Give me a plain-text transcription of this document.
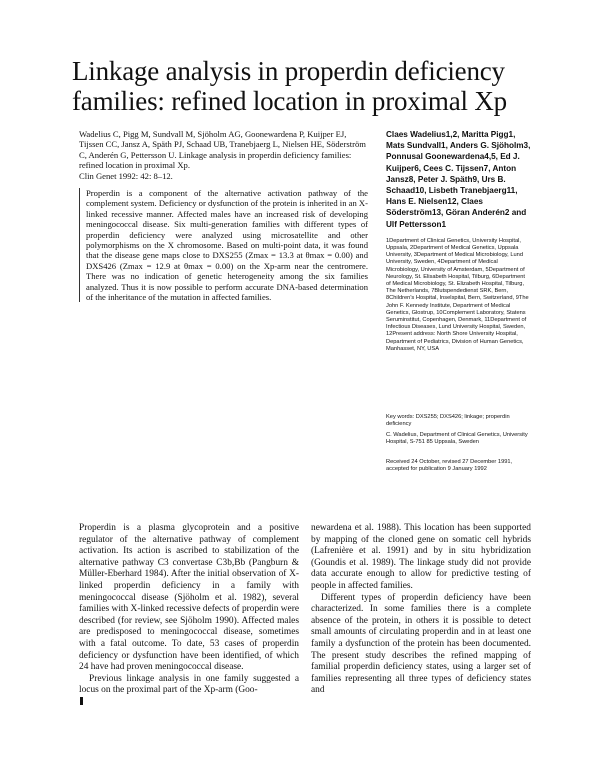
Linkage analysis in properdin deficiency families: refined location in proximal Xp

Wadelius C, Pigg M, Sundvall M, Sjöholm AG, Goonewardena P, Kuijper EJ, Tijssen CC, Jansz A, Späth PJ, Schaad UB, Tranebjaerg L, Nielsen HE, Söderström C, Anderén G, Pettersson U. Linkage analysis in properdin deficiency families: refined location in proximal Xp.

Clin Genet 1992: 42: 8–12.

Properdin is a component of the alternative activation pathway of the complement system. Deficiency or dysfunction of the protein is inherited in an X-linked recessive manner. Affected males have an increased risk of developing meningococcal disease. Six multi-generation families with different types of properdin deficiency were analyzed using microsatellite and other polymorphisms on the X chromosome. Based on multi-point data, it was found that the disease gene maps close to DXS255 (Zmax = 13.3 at θmax = 0.00) and DXS426 (Zmax = 12.9 at θmax = 0.00) on the Xp-arm near the centromere. There was no indication of genetic heterogeneity among the six families analyzed. Thus it is now possible to perform accurate DNA-based determination of the inheritance of the mutation in affected families.

Claes Wadelius1,2, Maritta Pigg1, Mats Sundvall1, Anders G. Sjöholm3, Ponnusal Goonewardena4,5, Ed J. Kuijper6, Cees C. Tijssen7, Anton Jansz8, Peter J. Späth9, Urs B. Schaad10, Lisbeth Tranebjaerg11, Hans E. Nielsen12, Claes Söderström13, Göran Anderén2 and Ulf Pettersson1

1Department of Clinical Genetics, University Hospital, Uppsala, 2Department of Medical Genetics, Uppsala University, 3Department of Medical Microbiology, Lund University, Sweden, 4Department of Medical Microbiology, University of Amsterdam, 5Department of Neurology, St. Elisabeth Hospital, Tilburg, 6Department of Medical Microbiology, St. Elizabeth Hospital, Tilburg, The Netherlands, 7Blutspendedienst SRK, Bern, 8Children's Hospital, Inselspital, Bern, Switzerland, 9The John F. Kennedy Institute, Department of Medical Genetics, Glostrup, 10Complement Laboratory, Statens Seruminstitut, Copenhagen, Denmark, 11Department of Infectious Diseases, Lund University Hospital, Sweden, 12Present address: North Shore University Hospital, Department of Pediatrics, Division of Human Genetics, Manhasset, NY, USA

Key words: DXS255; DXS426; linkage; properdin deficiency

C. Wadelius, Department of Clinical Genetics, University Hospital, S-751 85 Uppsala, Sweden

Received 24 October, revised 27 December 1991, accepted for publication 9 January 1992

Properdin is a plasma glycoprotein and a positive regulator of the alternative pathway of complement activation. Its action is ascribed to stabilization of the alternative pathway C3 convertase C3b,Bb (Pangburn & Müller-Eberhard 1984). After the initial observation of X-linked properdin deficiency in a family with meningococcal disease (Sjöholm et al. 1982), several families with X-linked recessive defects of properdin were described (for review, see Sjöholm 1990). Affected males are predisposed to meningococcal disease, sometimes with a fatal outcome. To date, 53 cases of properdin deficiency or dysfunction have been identified, of which 24 have had proven meningococcal disease.

Previous linkage analysis in one family suggested a locus on the proximal part of the Xp-arm (Goo-

newardena et al. 1988). This location has been supported by mapping of the cloned gene on somatic cell hybrids (Lafrenière et al. 1991) and by in situ hybridization (Goundis et al. 1989). The linkage study did not provide data accurate enough to allow for predictive testing of people in affected families.

Different types of properdin deficiency have been characterized. In some families there is a complete absence of the protein, in others it is possible to detect small amounts of circulating properdin and in at least one family a dysfunction of the protein has been documented. The present study describes the refined mapping of familial properdin deficiency states, using a larger set of families representing all three types of deficiency states and
